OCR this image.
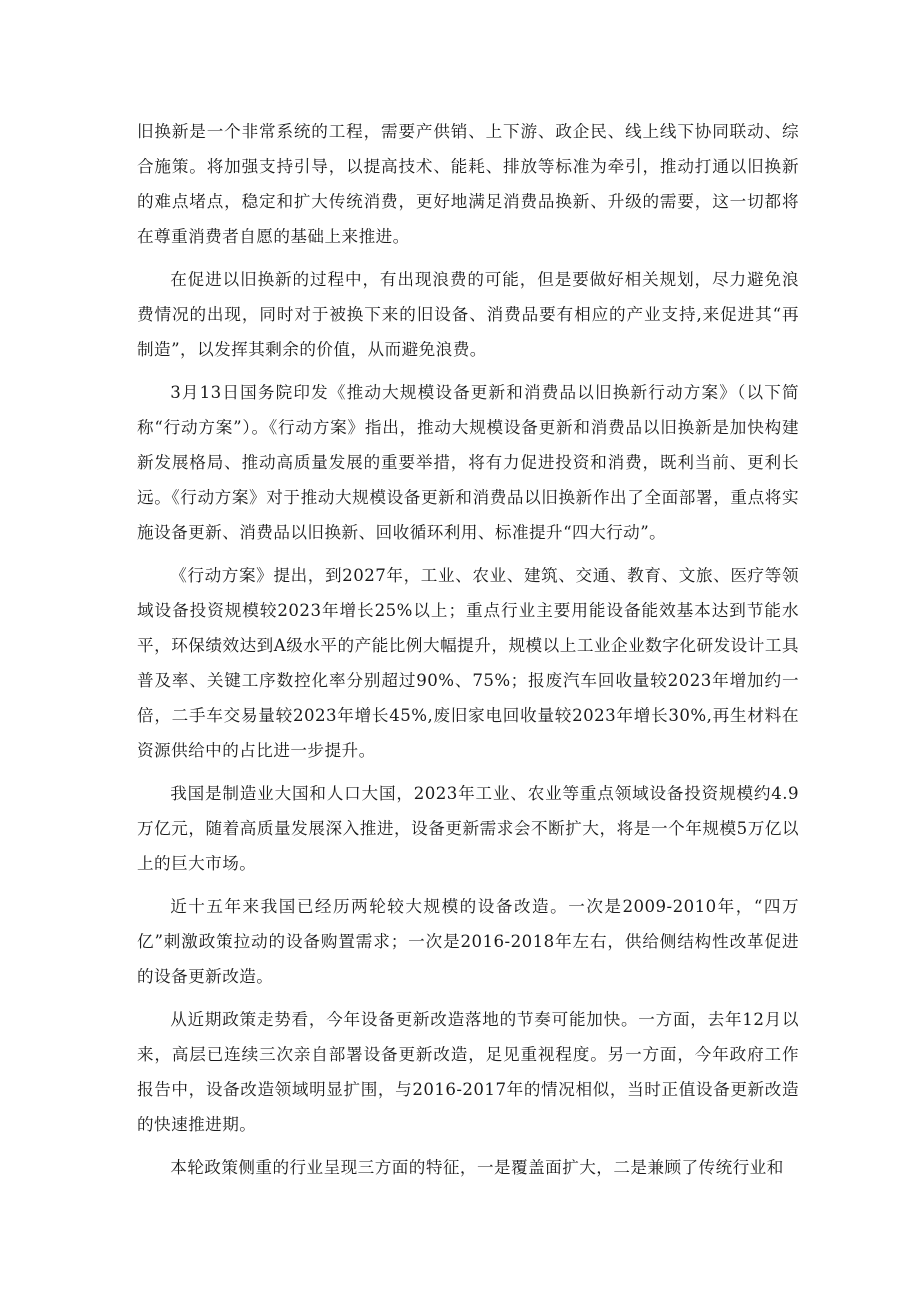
旧换新是一个非常系统的工程，需要产供销、上下游、政企民、线上线下协同联动、综合施策。将加强支持引导，以提高技术、能耗、排放等标准为牵引，推动打通以旧换新的难点堵点，稳定和扩大传统消费，更好地满足消费品换新、升级的需要，这一切都将在尊重消费者自愿的基础上来推进。

在促进以旧换新的过程中，有出现浪费的可能，但是要做好相关规划，尽力避免浪费情况的出现，同时对于被换下来的旧设备、消费品要有相应的产业支持,来促进其“再制造”，以发挥其剩余的价值，从而避免浪费。

3月13日国务院印发《推动大规模设备更新和消费品以旧换新行动方案》（以下简称“行动方案”）。《行动方案》指出，推动大规模设备更新和消费品以旧换新是加快构建新发展格局、推动高质量发展的重要举措，将有力促进投资和消费，既利当前、更利长远。《行动方案》对于推动大规模设备更新和消费品以旧换新作出了全面部署，重点将实施设备更新、消费品以旧换新、回收循环利用、标准提升“四大行动”。

《行动方案》提出，到2027年，工业、农业、建筑、交通、教育、文旅、医疗等领域设备投资规模较2023年增长25%以上；重点行业主要用能设备能效基本达到节能水平，环保绩效达到A级水平的产能比例大幅提升，规模以上工业企业数字化研发设计工具普及率、关键工序数控化率分别超过90%、75%；报废汽车回收量较2023年增加约一倍，二手车交易量较2023年增长45%,废旧家电回收量较2023年增长30%,再生材料在资源供给中的占比进一步提升。

我国是制造业大国和人口大国，2023年工业、农业等重点领域设备投资规模约4.9万亿元，随着高质量发展深入推进，设备更新需求会不断扩大，将是一个年规模5万亿以上的巨大市场。

近十五年来我国已经历两轮较大规模的设备改造。一次是2009-2010年，“四万亿”刺激政策拉动的设备购置需求；一次是2016-2018年左右，供给侧结构性改革促进的设备更新改造。

从近期政策走势看，今年设备更新改造落地的节奏可能加快。一方面，去年12月以来，高层已连续三次亲自部署设备更新改造，足见重视程度。另一方面，今年政府工作报告中，设备改造领域明显扩围，与2016-2017年的情况相似，当时正值设备更新改造的快速推进期。

本轮政策侧重的行业呈现三方面的特征，一是覆盖面扩大，二是兼顾了传统行业和
